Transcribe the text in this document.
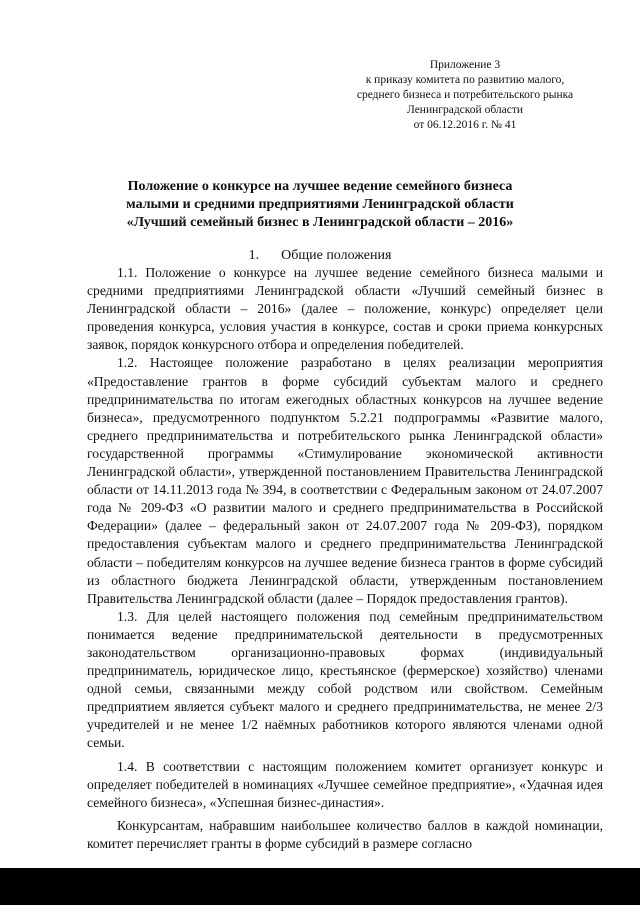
Приложение 3
к приказу комитета по развитию малого,
среднего бизнеса и потребительского рынка
Ленинградской области
от 06.12.2016 г. № 41
Положение о конкурсе на лучшее ведение семейного бизнеса
малыми и средними предприятиями Ленинградской области
«Лучший семейный бизнес в Ленинградской области – 2016»
1. Общие положения

1.1. Положение о конкурсе на лучшее ведение семейного бизнеса малыми и средними предприятиями Ленинградской области «Лучший семейный бизнес в Ленинградской области – 2016» (далее – положение, конкурс) определяет цели проведения конкурса, условия участия в конкурсе, состав и сроки приема конкурсных заявок, порядок конкурсного отбора и определения победителей.

1.2. Настоящее положение разработано в целях реализации мероприятия «Предоставление грантов в форме субсидий субъектам малого и среднего предпринимательства по итогам ежегодных областных конкурсов на лучшее ведение бизнеса», предусмотренного подпунктом 5.2.21 подпрограммы «Развитие малого, среднего предпринимательства и потребительского рынка Ленинградской области» государственной программы «Стимулирование экономической активности Ленинградской области», утвержденной постановлением Правительства Ленинградской области от 14.11.2013 года № 394, в соответствии с Федеральным законом от 24.07.2007 года № 209-ФЗ «О развитии малого и среднего предпринимательства в Российской Федерации» (далее – федеральный закон от 24.07.2007 года № 209-ФЗ), порядком предоставления субъектам малого и среднего предпринимательства Ленинградской области – победителям конкурсов на лучшее ведение бизнеса грантов в форме субсидий из областного бюджета Ленинградской области, утвержденным постановлением Правительства Ленинградской области (далее – Порядок предоставления грантов).

1.3. Для целей настоящего положения под семейным предпринимательством понимается ведение предпринимательской деятельности в предусмотренных законодательством организационно-правовых формах (индивидуальный предприниматель, юридическое лицо, крестьянское (фермерское) хозяйство) членами одной семьи, связанными между собой родством или свойством. Семейным предприятием является субъект малого и среднего предпринимательства, не менее 2/3 учредителей и не менее 1/2 наёмных работников которого являются членами одной семьи.

1.4. В соответствии с настоящим положением комитет организует конкурс и определяет победителей в номинациях «Лучшее семейное предприятие», «Удачная идея семейного бизнеса», «Успешная бизнес-династия».

Конкурсантам, набравшим наибольшее количество баллов в каждой номинации, комитет перечисляет гранты в форме субсидий в размере согласно
